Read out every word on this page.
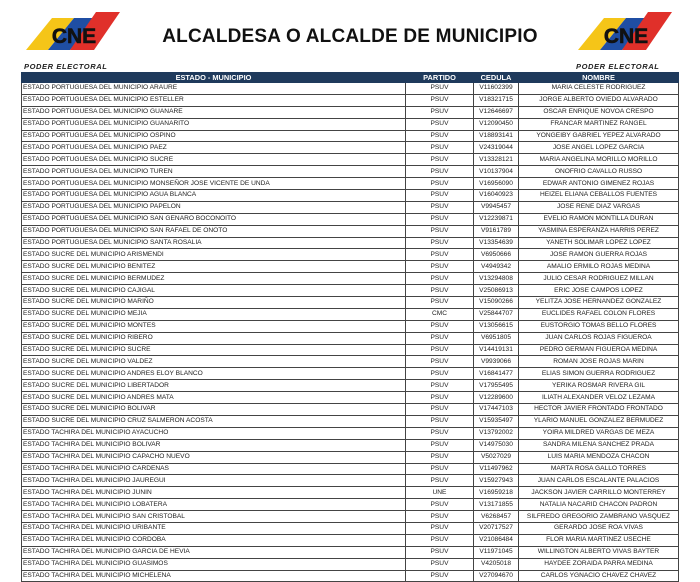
CNE
PODER ELECTORAL
ALCALDESA O ALCALDE DE MUNICIPIO	CNE
PODER ELECTORAL
ESTADO - MUNICIPIO	PARTIDO	CEDULA	NOMBRE
ESTADO PORTUGUESA DEL MUNICIPIO ARAURE	PSUV	V11602399	MARIA CELESTE RODRIGUEZ
ESTADO PORTUGUESA DEL MUNICIPIO ESTELLER	PSUV	V18321715	JORGE ALBERTO OVIEDO ALVARADO
ESTADO PORTUGUESA DEL MUNICIPIO GUANARE	PSUV	V12646697	OSCAR ENRIQUE NOVOA CRESPO
ESTADO PORTUGUESA DEL MUNICIPIO GUANARITO	PSUV	V12090450	FRANCAR MARTINEZ RANGEL
ESTADO PORTUGUESA DEL MUNICIPIO OSPINO	PSUV	V18893141	YONGEIBY GABRIEL YEPEZ ALVARADO
ESTADO PORTUGUESA DEL MUNICIPIO PAEZ	PSUV	V24319044	JOSE ANGEL LOPEZ GARCIA
ESTADO PORTUGUESA DEL MUNICIPIO SUCRE	PSUV	V13328121	MARIA ANGELINA MORILLO MORILLO
ESTADO PORTUGUESA DEL MUNICIPIO TUREN	PSUV	V10137904	ONOFRIO CAVALLO RUSSO
ESTADO PORTUGUESA DEL MUNICIPIO MONSEÑOR JOSE VICENTE DE UNDA	PSUV	V16956090	EDWAR ANTONIO GIMENEZ ROJAS
ESTADO PORTUGUESA DEL MUNICIPIO AGUA BLANCA	PSUV	V16040923	HEIZEL ELIANA CEBALLOS FUENTES
ESTADO PORTUGUESA DEL MUNICIPIO PAPELON	PSUV	V9945457	JOSE RENE DIAZ VARGAS
ESTADO PORTUGUESA DEL MUNICIPIO SAN GENARO BOCONOITO	PSUV	V12239871	EVELIO RAMON MONTILLA DURAN
ESTADO PORTUGUESA DEL MUNICIPIO SAN RAFAEL DE ONOTO	PSUV	V9161789	YASMINA ESPERANZA HARRIS PEREZ
ESTADO PORTUGUESA DEL MUNICIPIO SANTA ROSALIA	PSUV	V13354639	YANETH SOLIMAR LOPEZ LOPEZ
ESTADO SUCRE DEL MUNICIPIO ARISMENDI	PSUV	V6950666	JOSE RAMON GUERRA ROJAS
ESTADO SUCRE DEL MUNICIPIO BENITEZ	PSUV	V4949342	AMALIO ERMILO ROJAS MEDINA
ESTADO SUCRE DEL MUNICIPIO BERMUDEZ	PSUV	V13294808	JULIO CESAR RODRIGUEZ MILLAN
ESTADO SUCRE DEL MUNICIPIO CAJIGAL	PSUV	V25086913	ERIC JOSE CAMPOS LOPEZ
ESTADO SUCRE DEL MUNICIPIO MARIÑO	PSUV	V15090266	YELITZA JOSE HERNANDEZ GONZALEZ
ESTADO SUCRE DEL MUNICIPIO MEJIA	CMC	V25844707	EUCLIDES RAFAEL COLON FLORES
ESTADO SUCRE DEL MUNICIPIO MONTES	PSUV	V13056615	EUSTORGIO TOMAS BELLO FLORES
ESTADO SUCRE DEL MUNICIPIO RIBERO	PSUV	V6951805	JUAN CARLOS ROJAS FIGUEROA
ESTADO SUCRE DEL MUNICIPIO SUCRE	PSUV	V14419131	PEDRO GERMAN FIGUEROA MEDINA
ESTADO SUCRE DEL MUNICIPIO VALDEZ	PSUV	V9939066	ROMAN JOSE ROJAS MARIN
ESTADO SUCRE DEL MUNICIPIO ANDRES ELOY BLANCO	PSUV	V16841477	ELIAS SIMON GUERRA RODRIGUEZ
ESTADO SUCRE DEL MUNICIPIO LIBERTADOR	PSUV	V17955495	YERIKA ROSMAR RIVERA GIL
ESTADO SUCRE DEL MUNICIPIO ANDRES MATA	PSUV	V12289600	ILIATH ALEXANDER VELOZ LEZAMA
ESTADO SUCRE DEL MUNICIPIO BOLIVAR	PSUV	V17447103	HECTOR JAVIER FRONTADO FRONTADO
ESTADO SUCRE DEL MUNICIPIO CRUZ SALMERON ACOSTA	PSUV	V15935497	YLARIO MANUEL GONZALEZ BERMUDEZ
ESTADO TACHIRA DEL MUNICIPIO AYACUCHO	PSUV	V13792002	YOIRA MILDRED VARGAS DE MEZA
ESTADO TACHIRA DEL MUNICIPIO BOLIVAR	PSUV	V14975030	SANDRA MILENA SANCHEZ PRADA
ESTADO TACHIRA DEL MUNICIPIO CAPACHO NUEVO	PSUV	V5027029	LUIS MARIA MENDOZA CHACON
ESTADO TACHIRA DEL MUNICIPIO CARDENAS	PSUV	V11497962	MARTA ROSA GALLO TORRES
ESTADO TACHIRA DEL MUNICIPIO JAUREGUI	PSUV	V15927943	JUAN CARLOS ESCALANTE PALACIOS
ESTADO TACHIRA DEL MUNICIPIO JUNIN	UNE	V16959218	JACKSON JAVIER CARRILLO MONTERREY
ESTADO TACHIRA DEL MUNICIPIO LOBATERA	PSUV	V13171855	NATALIA NACARID CHACON PADRON
ESTADO TACHIRA DEL MUNICIPIO SAN CRISTOBAL	PSUV	V6268457	SILFREDO GREGORIO ZAMBRANO VASQUEZ
ESTADO TACHIRA DEL MUNICIPIO URIBANTE	PSUV	V20717527	GERARDO JOSE ROA VIVAS
ESTADO TACHIRA DEL MUNICIPIO CORDOBA	PSUV	V21086484	FLOR MARIA MARTINEZ USECHE
ESTADO TACHIRA DEL MUNICIPIO GARCIA DE HEVIA	PSUV	V11971045	WILLINGTON ALBERTO VIVAS BAYTER
ESTADO TACHIRA DEL MUNICIPIO GUASIMOS	PSUV	V4205018	HAYDEE ZORAIDA PARRA MEDINA
ESTADO TACHIRA DEL MUNICIPIO MICHELENA	PSUV	V27094670	CARLOS YGNACIO CHAVEZ CHAVEZ
